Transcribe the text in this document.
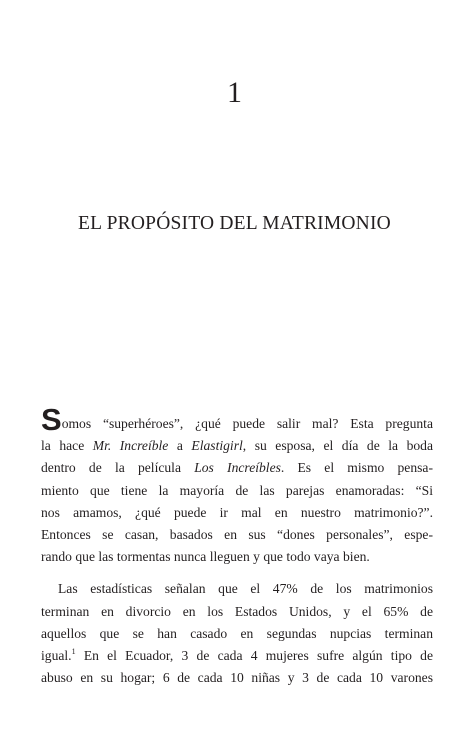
1
EL PROPÓSITO DEL MATRIMONIO
Somos “superhéroes”, ¿qué puede salir mal? Esta pregunta
la hace Mr. Increíble a Elastigirl, su esposa, el día de la boda
dentro de la película Los Increíbles. Es el mismo pensa-
miento que tiene la mayoría de las parejas enamoradas: “Si
nos amamos, ¿qué puede ir mal en nuestro matrimonio?”.
Entonces se casan, basados en sus “dones personales”, espe-
rando que las tormentas nunca lleguen y que todo vaya bien.
Las estadísticas señalan que el 47% de los matrimonios
terminan en divorcio en los Estados Unidos, y el 65% de
aquellos que se han casado en segundas nupcias terminan
igual.$^1$ En el Ecuador, 3 de cada 4 mujeres sufre algún tipo de
abuso en su hogar; 6 de cada 10 niñas y 3 de cada 10 varones
